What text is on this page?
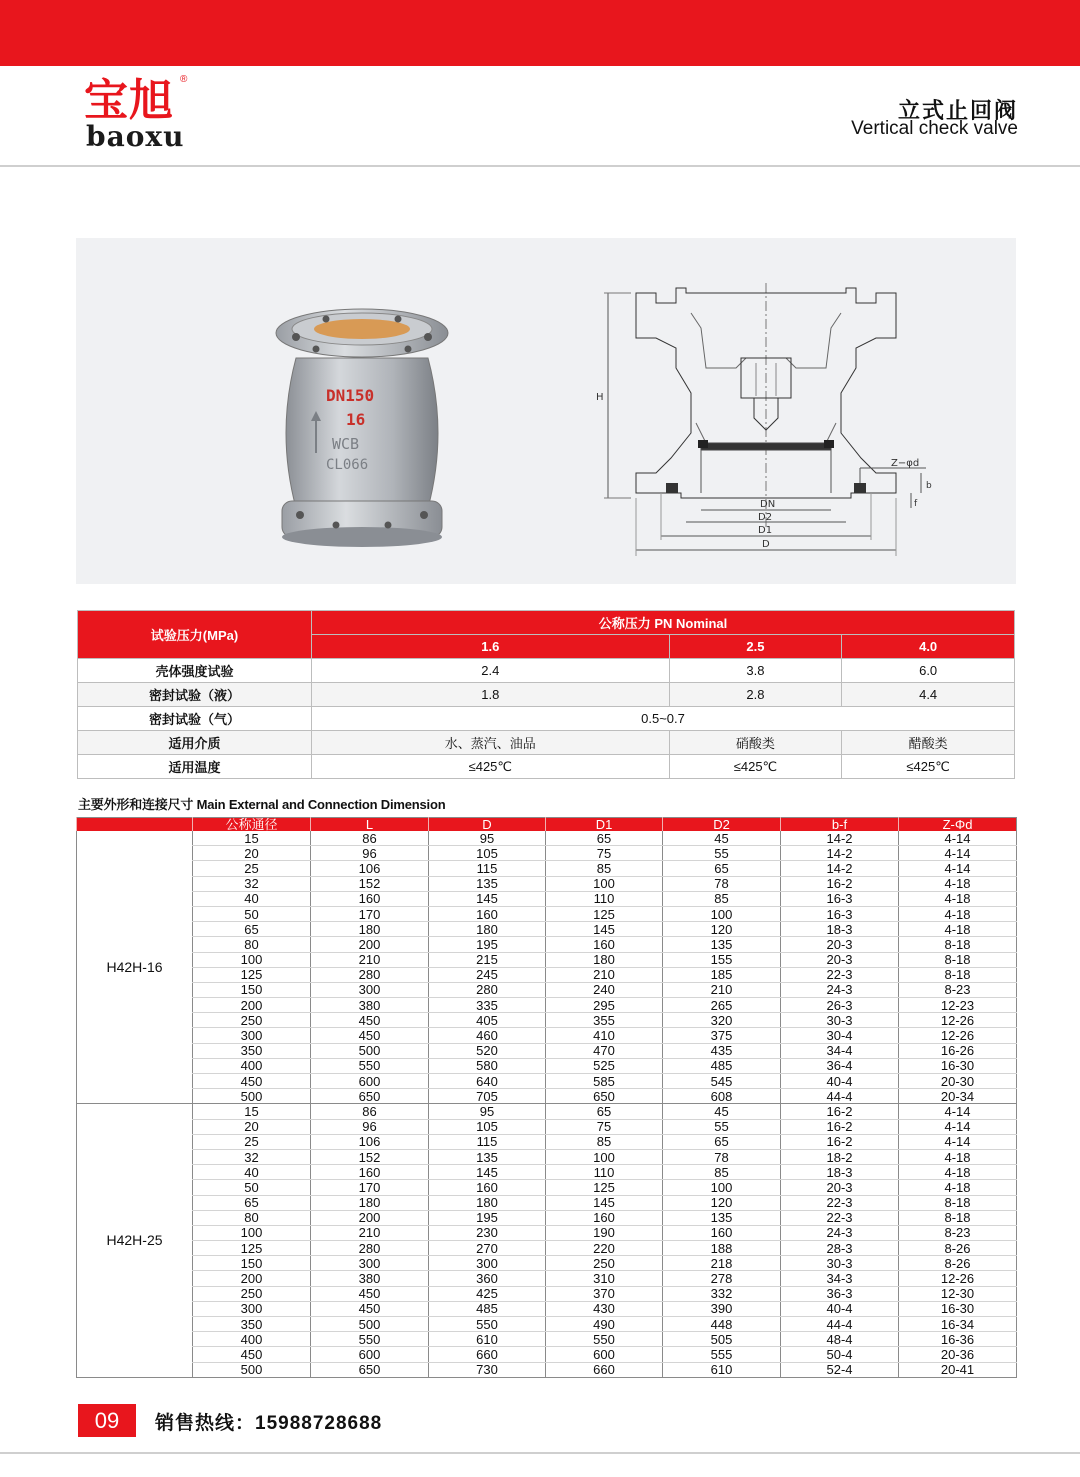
宝旭 ®
baoxu
立式止回阀
Vertical check valve
DN150
16
WCB
CL066
H
DN
D2
D1
D
Z−φd
b
f
试验压力(MPa)	公称压力 PN Nominal		
	1.6	2.5	4.0
壳体强度试验	2.4	3.8	6.0
密封试验（液）	1.8	2.8	4.4
密封试验（气）	0.5~0.7		
适用介质	水、蒸汽、油品	硝酸类	醋酸类
适用温度	≤425℃	≤425℃	≤425℃
主要外形和连接尺寸 Main External and Connection Dimension
	公称通径	L	D	D1	D2	b-f	Z-Φd
H42H-16	15	86	95	65	45	14-2	4-14
	20	96	105	75	55	14-2	4-14
	25	106	115	85	65	14-2	4-14
	32	152	135	100	78	16-2	4-18
	40	160	145	110	85	16-3	4-18
	50	170	160	125	100	16-3	4-18
	65	180	180	145	120	18-3	4-18
	80	200	195	160	135	20-3	8-18
	100	210	215	180	155	20-3	8-18
	125	280	245	210	185	22-3	8-18
	150	300	280	240	210	24-3	8-23
	200	380	335	295	265	26-3	12-23
	250	450	405	355	320	30-3	12-26
	300	450	460	410	375	30-4	12-26
	350	500	520	470	435	34-4	16-26
	400	550	580	525	485	36-4	16-30
	450	600	640	585	545	40-4	20-30
	500	650	705	650	608	44-4	20-34
H42H-25	15	86	95	65	45	16-2	4-14
	20	96	105	75	55	16-2	4-14
	25	106	115	85	65	16-2	4-14
	32	152	135	100	78	18-2	4-18
	40	160	145	110	85	18-3	4-18
	50	170	160	125	100	20-3	4-18
	65	180	180	145	120	22-3	8-18
	80	200	195	160	135	22-3	8-18
	100	210	230	190	160	24-3	8-23
	125	280	270	220	188	28-3	8-26
	150	300	300	250	218	30-3	8-26
	200	380	360	310	278	34-3	12-26
	250	450	425	370	332	36-3	12-30
	300	450	485	430	390	40-4	16-30
	350	500	550	490	448	44-4	16-34
	400	550	610	550	505	48-4	16-36
	450	600	660	600	555	50-4	20-36
	500	650	730	660	610	52-4	20-41
09	销售热线：15988728688
